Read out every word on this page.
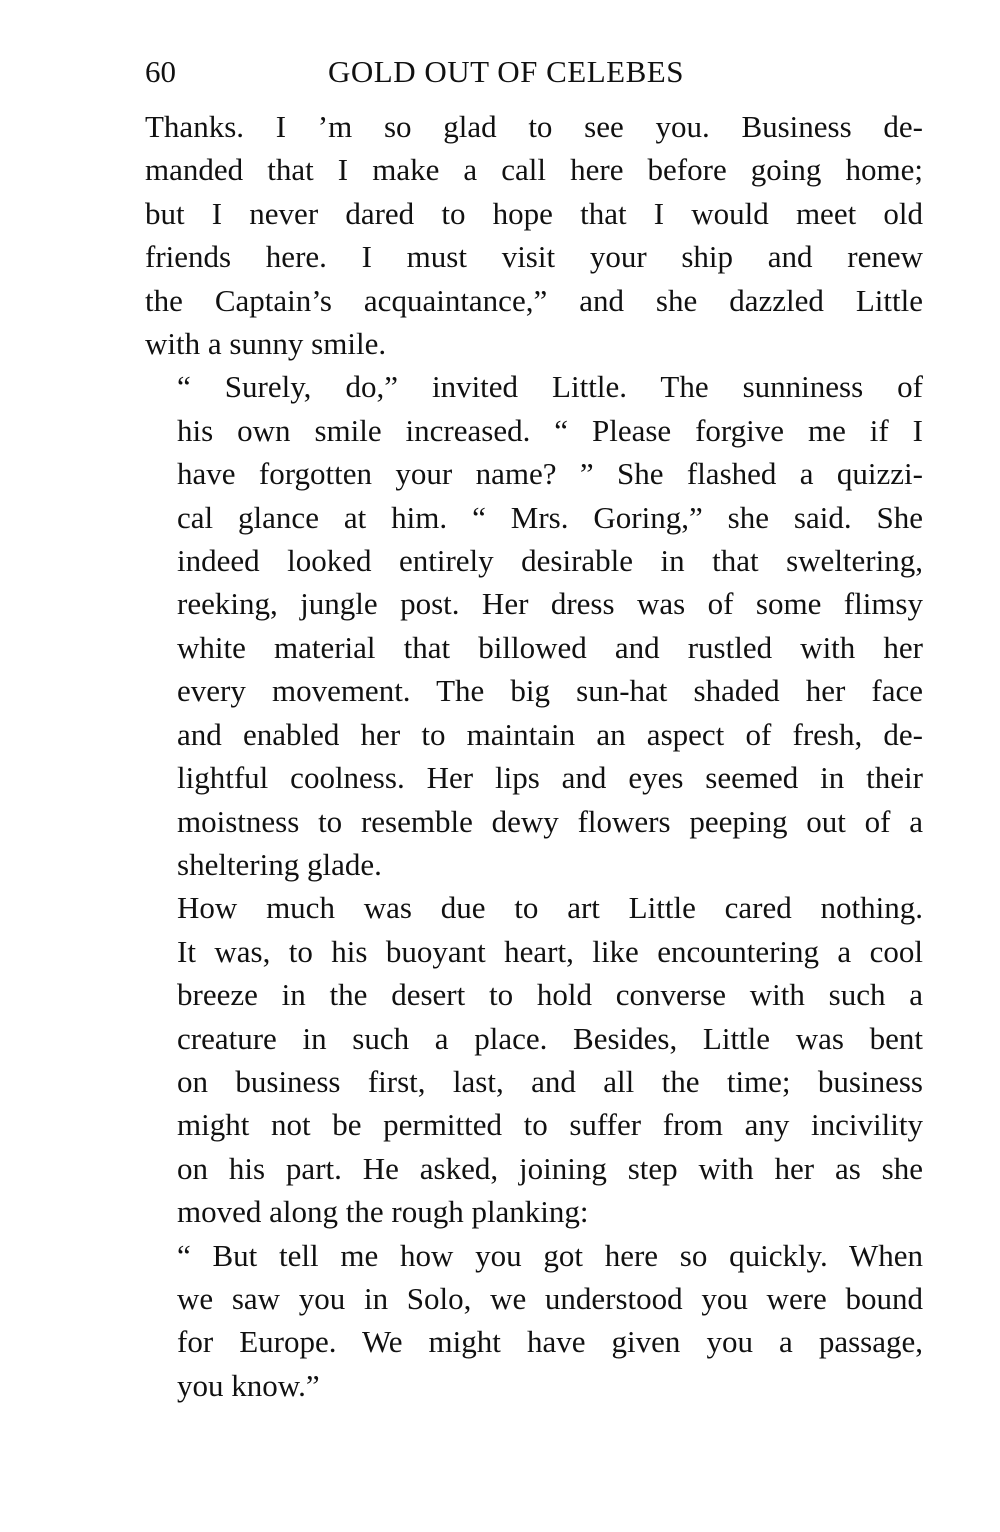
60	GOLD OUT OF CELEBES

Thanks. I ’m so glad to see you. Business de-
manded that I make a call here before going home;
but I never dared to hope that I would meet old
friends here. I must visit your ship and renew
the Captain’s acquaintance,” and she dazzled Little
with a sunny smile.

“ Surely, do,” invited Little. The sunniness of
his own smile increased. “ Please forgive me if I
have forgotten your name? ” She flashed a quizzi-
cal glance at him. “ Mrs. Goring,” she said. She
indeed looked entirely desirable in that sweltering,
reeking, jungle post. Her dress was of some flimsy
white material that billowed and rustled with her
every movement. The big sun-hat shaded her face
and enabled her to maintain an aspect of fresh, de-
lightful coolness. Her lips and eyes seemed in their
moistness to resemble dewy flowers peeping out of a
sheltering glade.

How much was due to art Little cared nothing.
It was, to his buoyant heart, like encountering a cool
breeze in the desert to hold converse with such a
creature in such a place. Besides, Little was bent
on business first, last, and all the time; business
might not be permitted to suffer from any incivility
on his part. He asked, joining step with her as she
moved along the rough planking:

“ But tell me how you got here so quickly. When
we saw you in Solo, we understood you were bound
for Europe. We might have given you a passage,
you know.”
